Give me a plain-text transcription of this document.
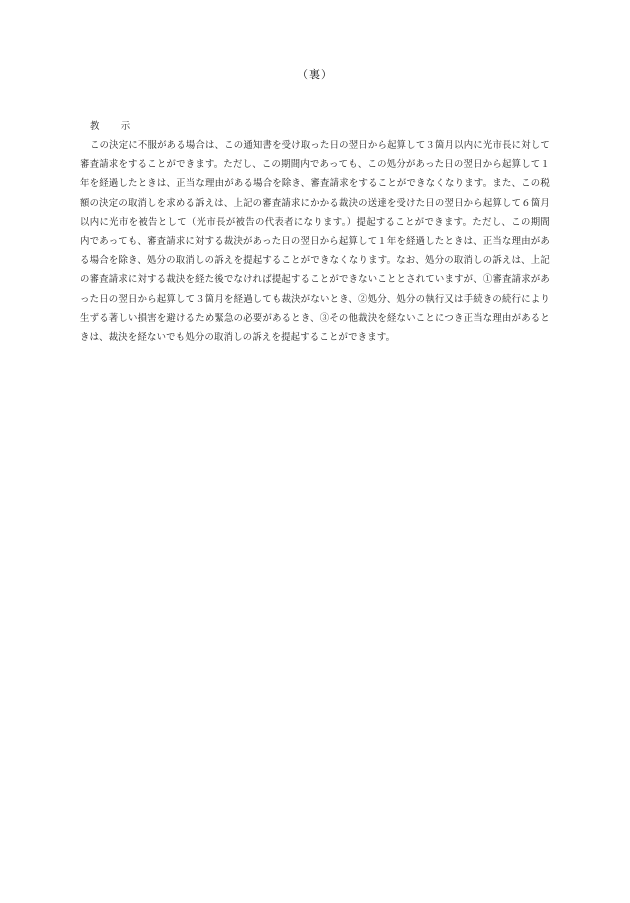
（裏）
教　示

この決定に不服がある場合は、この通知書を受け取った日の翌日から起算して３箇月以内に光市長に対して審査請求をすることができます。ただし、この期間内であっても、この処分があった日の翌日から起算して１年を経過したときは、正当な理由がある場合を除き、審査請求をすることができなくなります。また、この税額の決定の取消しを求める訴えは、上記の審査請求にかかる裁決の送達を受けた日の翌日から起算して６箇月以内に光市を被告として（光市長が被告の代表者になります。）提起することができます。ただし、この期間内であっても、審査請求に対する裁決があった日の翌日から起算して１年を経過したときは、正当な理由がある場合を除き、処分の取消しの訴えを提起することができなくなります。なお、処分の取消しの訴えは、上記の審査請求に対する裁決を経た後でなければ提起することができないこととされていますが、①審査請求があった日の翌日から起算して３箇月を経過しても裁決がないとき、②処分、処分の執行又は手続きの続行により生ずる著しい損害を避けるため緊急の必要があるとき、③その他裁決を経ないことにつき正当な理由があるときは、裁決を経ないでも処分の取消しの訴えを提起することができます。
